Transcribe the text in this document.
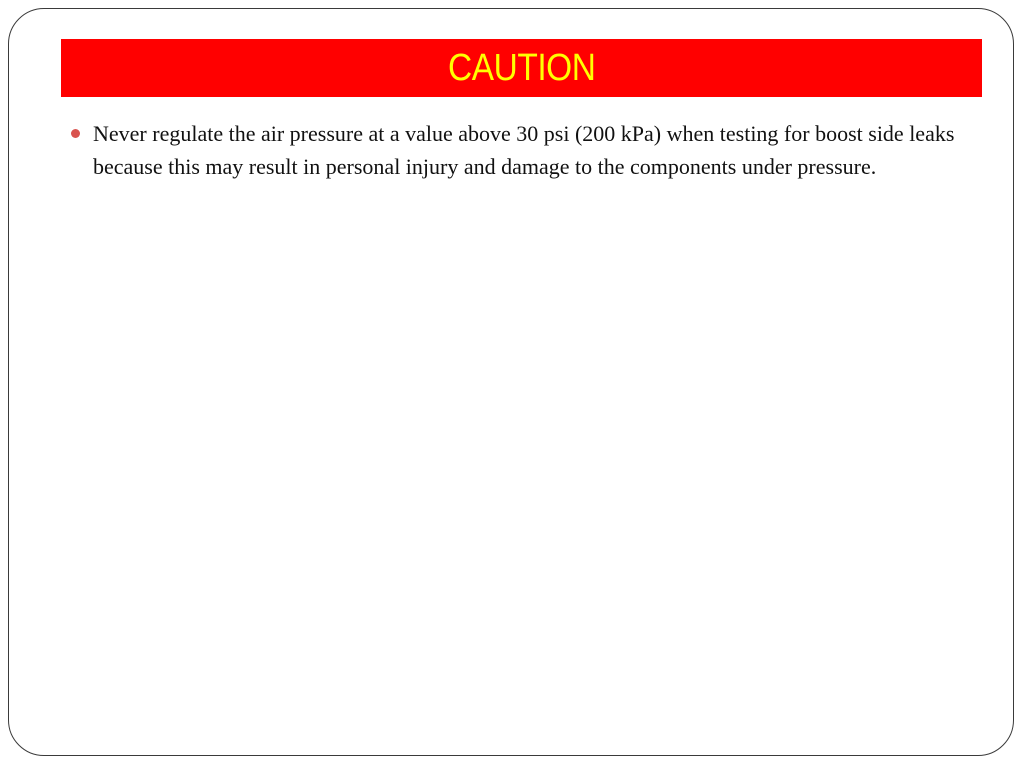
CAUTION

Never regulate the air pressure at a value above 30 psi (200 kPa) when testing for boost side leaks because this may result in personal injury and damage to the components under pressure.
